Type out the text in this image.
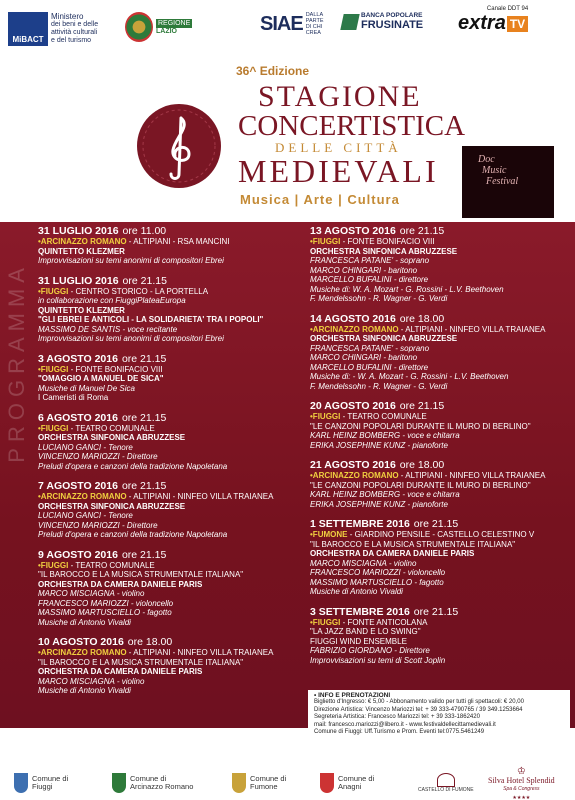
MiBACT
Ministero
dei beni e delle
attività culturali
e del turismo
REGIONE
LAZIO	SIAE DALLA
PARTE
DI CHI
CREA
BANCA POPOLARE
FRUSINATE
Canale DDT 94
extra TV
36^ Edizione
STAGIONE
CONCERTISTICA
DELLE CITTÀ
MEDIEVALI
Musica | Arte | Cultura
Doc
Music
Festival
PROGRAMMA
31 LUGLIO 2016 ore 11.00
•ARCINAZZO ROMANO - ALTIPIANI - RSA MANCINI
QUINTETTO KLEZMER
Improvvisazioni su temi anonimi di compositori Ebrei
31 LUGLIO 2016 ore 21.15
•FIUGGI - CENTRO STORICO - LA PORTELLA
in collaborazione con FiuggiPlateaEuropa
QUINTETTO KLEZMER
"GLI EBREI E ANTICOLI - LA SOLIDARIETA' TRA I POPOLI"
MASSIMO DE SANTIS - voce recitante
Improvvisazioni su temi anonimi di compositori Ebrei
3 AGOSTO 2016 ore 21.15
•FIUGGI - FONTE BONIFACIO VIII
"OMAGGIO A MANUEL DE SICA"
Musiche di Manuel De Sica
I Cameristi di Roma
6 AGOSTO 2016 ore 21.15
•FIUGGI - TEATRO COMUNALE
ORCHESTRA SINFONICA ABRUZZESE
LUCIANO GANCI - Tenore
VINCENZO MARIOZZI - Direttore
Preludi d'opera e canzoni della tradizione Napoletana
7 AGOSTO 2016 ore 21.15
•ARCINAZZO ROMANO - ALTIPIANI - NINFEO VILLA TRAIANEA
ORCHESTRA SINFONICA ABRUZZESE
LUCIANO GANCI - Tenore
VINCENZO MARIOZZI - Direttore
Preludi d'opera e canzoni della tradizione Napoletana
9 AGOSTO 2016 ore 21.15
•FIUGGI - TEATRO COMUNALE
"IL BAROCCO E LA MUSICA STRUMENTALE ITALIANA"
ORCHESTRA DA CAMERA DANIELE PARIS
MARCO MISCIAGNA - violino
FRANCESCO MARIOZZI - violoncello
MASSIMO MARTUSCIELLO - fagotto
Musiche di Antonio Vivaldi
10 AGOSTO 2016 ore 18.00
•ARCINAZZO ROMANO - ALTIPIANI - NINFEO VILLA TRAIANEA
"IL BAROCCO E LA MUSICA STRUMENTALE ITALIANA"
ORCHESTRA DA CAMERA DANIELE PARIS
MARCO MISCIAGNA - violino
Musiche di Antonio Vivaldi
13 AGOSTO 2016 ore 21.15
•FIUGGI - FONTE BONIFACIO VIII
ORCHESTRA SINFONICA ABRUZZESE
FRANCESCA PATANE' - soprano
MARCO CHINGARI - baritono
MARCELLO BUFALINI - direttore
Musiche di: W. A. Mozart - G. Rossini - L.V. Beethoven
F. Mendelssohn - R. Wagner - G. Verdi
14 AGOSTO 2016 ore 18.00
•ARCINAZZO ROMANO - ALTIPIANI - NINFEO VILLA TRAIANEA
ORCHESTRA SINFONICA ABRUZZESE
FRANCESCA PATANE' - soprano
MARCO CHINGARI - baritono
MARCELLO BUFALINI - direttore
Musiche di: - W. A. Mozart - G. Rossini - L.V. Beethoven
F. Mendelssohn - R. Wagner - G. Verdi
20 AGOSTO 2016 ore 21.15
•FIUGGI - TEATRO COMUNALE
"LE CANZONI POPOLARI DURANTE IL MURO DI BERLINO"
KARL HEINZ BOMBERG - voce e chitarra
ERIKA JOSEPHINE KUNZ - pianoforte
21 AGOSTO 2016 ore 18.00
•ARCINAZZO ROMANO - ALTIPIANI - NINFEO VILLA TRAIANEA
"LE CANZONI POPOLARI DURANTE IL MURO DI BERLINO"
KARL HEINZ BOMBERG - voce e chitarra
ERIKA JOSEPHINE KUNZ - pianoforte
1 SETTEMBRE 2016 ore 21.15
•FUMONE - GIARDINO PENSILE - CASTELLO CELESTINO V
"IL BAROCCO E LA MUSICA STRUMENTALE ITALIANA"
ORCHESTRA DA CAMERA DANIELE PARIS
MARCO MISCIAGNA - violino
FRANCESCO MARIOZZI - violoncello
MASSIMO MARTUSCIELLO - fagotto
Musiche di Antonio Vivaldi
3 SETTEMBRE 2016 ore 21.15
•FIUGGI - FONTE ANTICOLANA
"LA JAZZ BAND E LO SWING"
FIUGGI WIND ENSEMBLE
FABRIZIO GIORDANO - Direttore
Improvvisazioni su temi di Scott Joplin
• INFO E PRENOTAZIONI
Biglietto d'Ingresso: € 5,00 - Abbonamento valido per tutti gli spettacoli: € 20,00
Direzione Artistica: Vincenzo Mariozzi tel: + 39 333-4790765 / 39 349.1253664
Segreteria Artistica: Francesco Mariozzi tel: + 39 333-1862420
mail: francesco.mariozzi@libero.it - www.festivaldellecittamedievali.it
Comune di Fiuggi: Uff.Turismo e Prom. Eventi tel:0775.5461249
Comune di
Fiuggi
Comune di
Arcinazzo Romano
Comune di
Fumone
Comune di
Anagni	CASTELLO DI FUMONE
♔
Silva Hotel Splendid
Spa & Congress
★★★★
